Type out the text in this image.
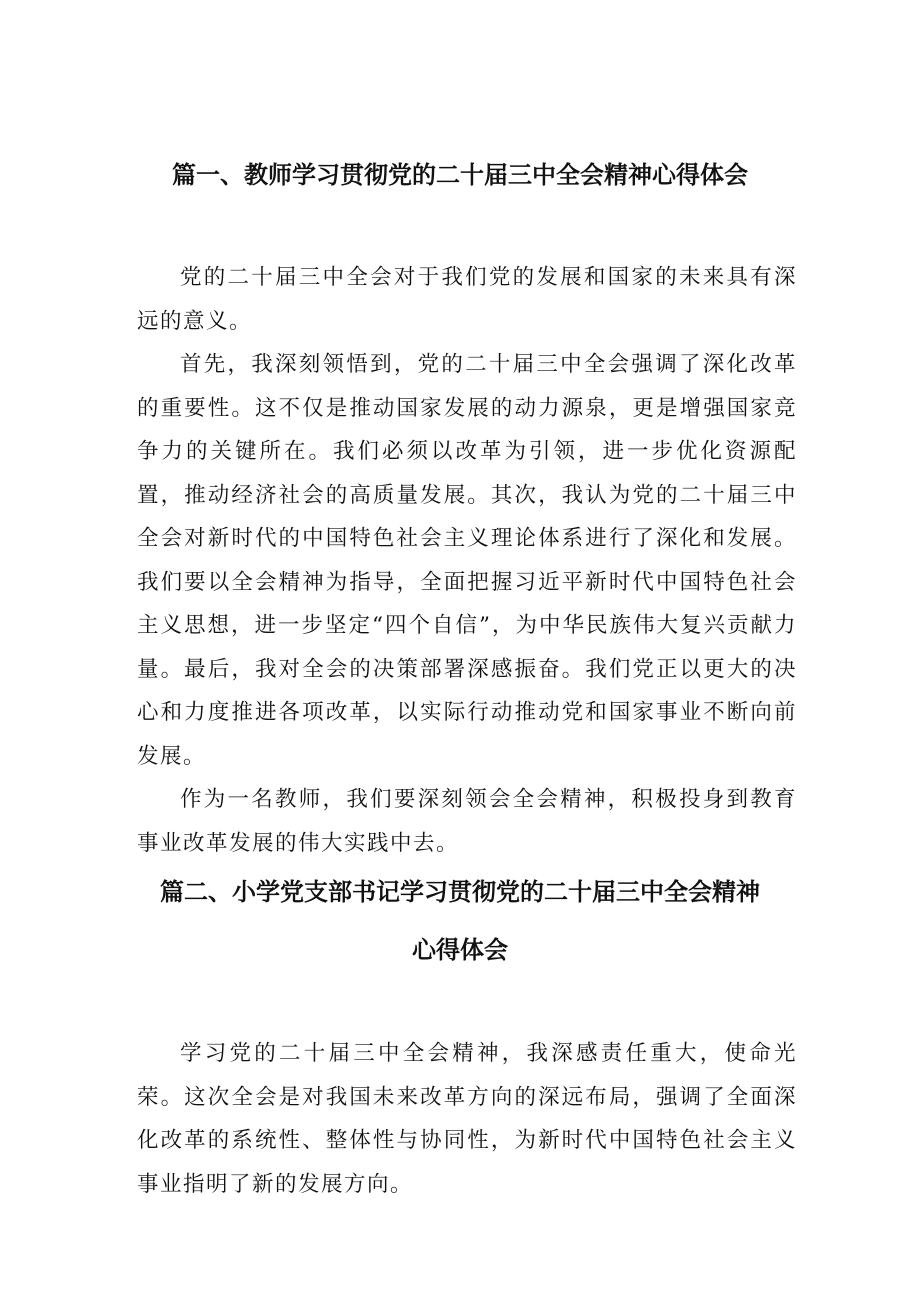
篇一、教师学习贯彻党的二十届三中全会精神心得体会

党的二十届三中全会对于我们党的发展和国家的未来具有深远的意义。

首先，我深刻领悟到，党的二十届三中全会强调了深化改革的重要性。这不仅是推动国家发展的动力源泉，更是增强国家竞争力的关键所在。我们必须以改革为引领，进一步优化资源配置，推动经济社会的高质量发展。其次，我认为党的二十届三中全会对新时代的中国特色社会主义理论体系进行了深化和发展。我们要以全会精神为指导，全面把握习近平新时代中国特色社会主义思想，进一步坚定“四个自信”，为中华民族伟大复兴贡献力量。最后，我对全会的决策部署深感振奋。我们党正以更大的决心和力度推进各项改革，以实际行动推动党和国家事业不断向前发展。

作为一名教师，我们要深刻领会全会精神，积极投身到教育事业改革发展的伟大实践中去。

篇二、小学党支部书记学习贯彻党的二十届三中全会精神
心得体会

学习党的二十届三中全会精神，我深感责任重大，使命光荣。这次全会是对我国未来改革方向的深远布局，强调了全面深化改革的系统性、整体性与协同性，为新时代中国特色社会主义事业指明了新的发展方向。
